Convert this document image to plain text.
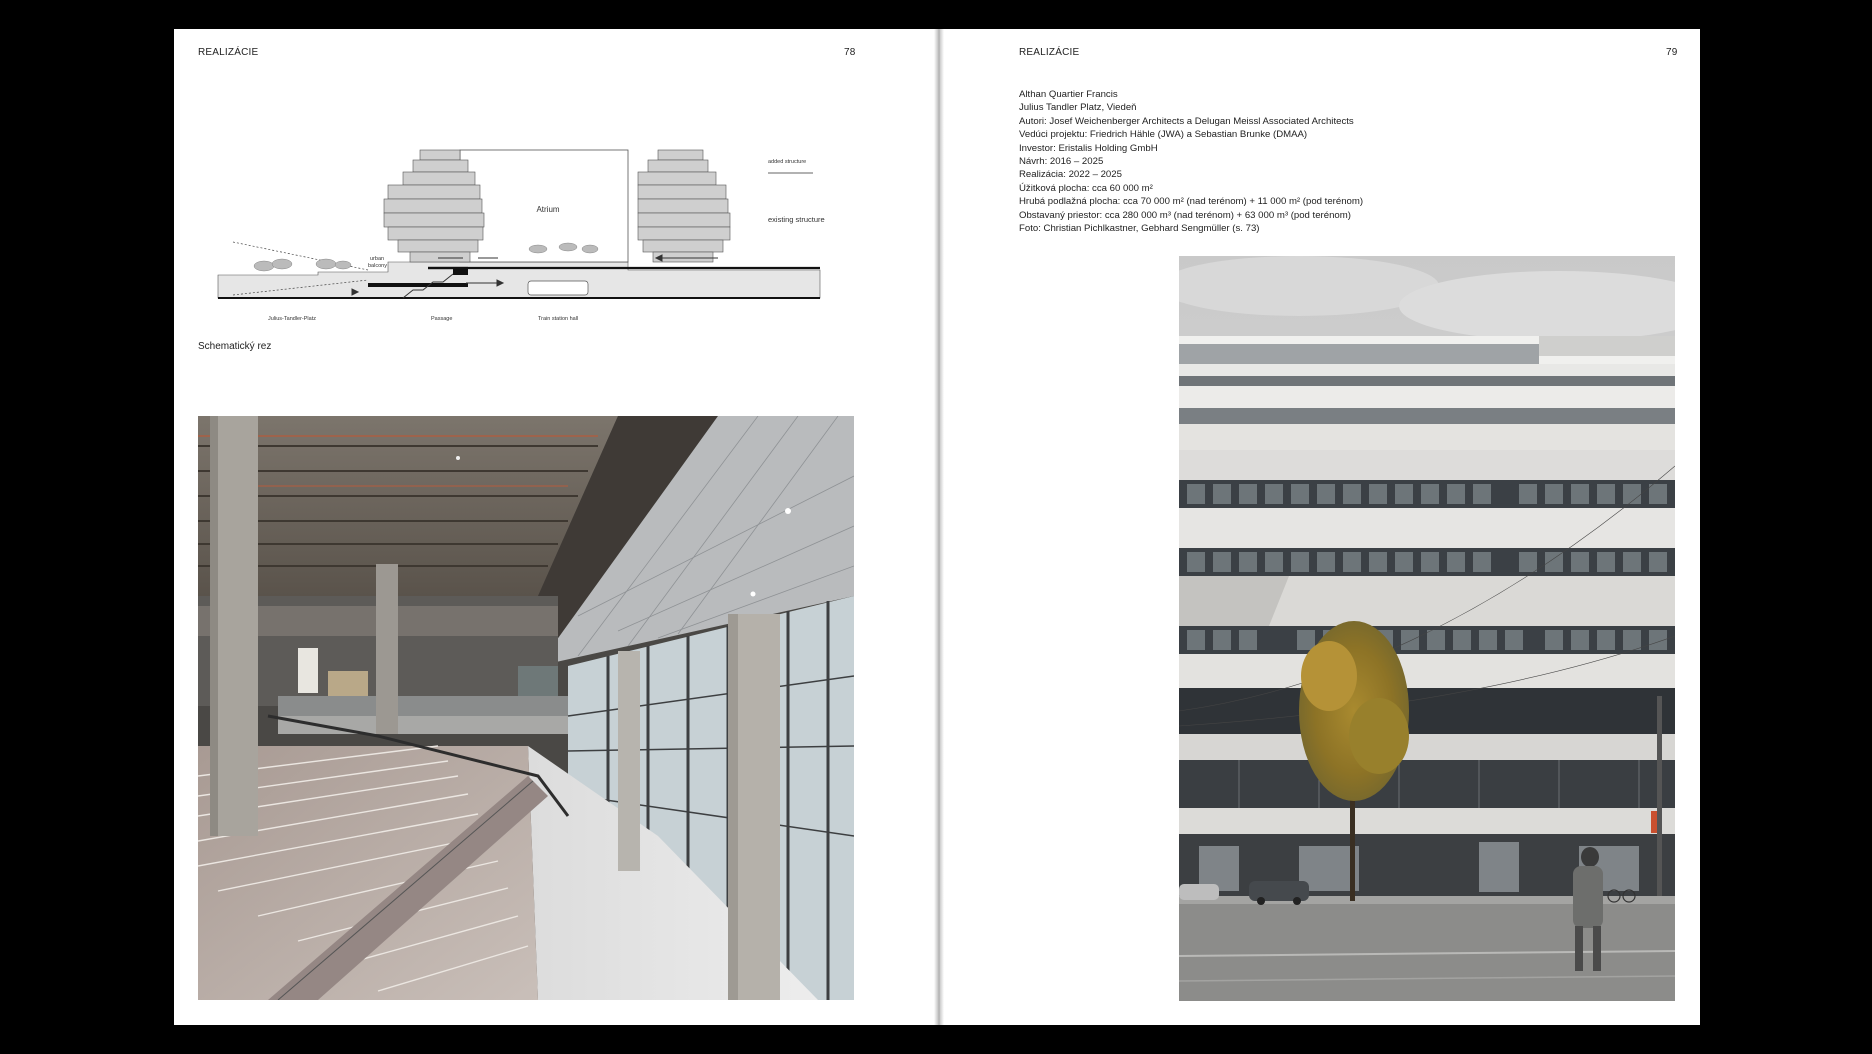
REALIZÁCIE	78
Atrium
added structure
existing structure
urban
balcony
Julius-Tandler-Platz	Passage	Train station hall
Schematický rez
REALIZÁCIE	79
Althan Quartier Francis
Julius Tandler Platz, Viedeň
Autori: Josef Weichenberger Architects a Delugan Meissl Associated Architects
Vedúci projektu: Friedrich Hähle (JWA) a Sebastian Brunke (DMAA)
Investor: Eristalis Holding GmbH
Návrh: 2016 – 2025
Realizácia: 2022 – 2025
Úžitková plocha: cca 60 000 m²
Hrubá podlažná plocha: cca 70 000 m² (nad terénom) + 11 000 m² (pod terénom)
Obstavaný priestor: cca 280 000 m³ (nad terénom) + 63 000 m³ (pod terénom)
Foto: Christian Pichlkastner, Gebhard Sengmüller (s. 73)
